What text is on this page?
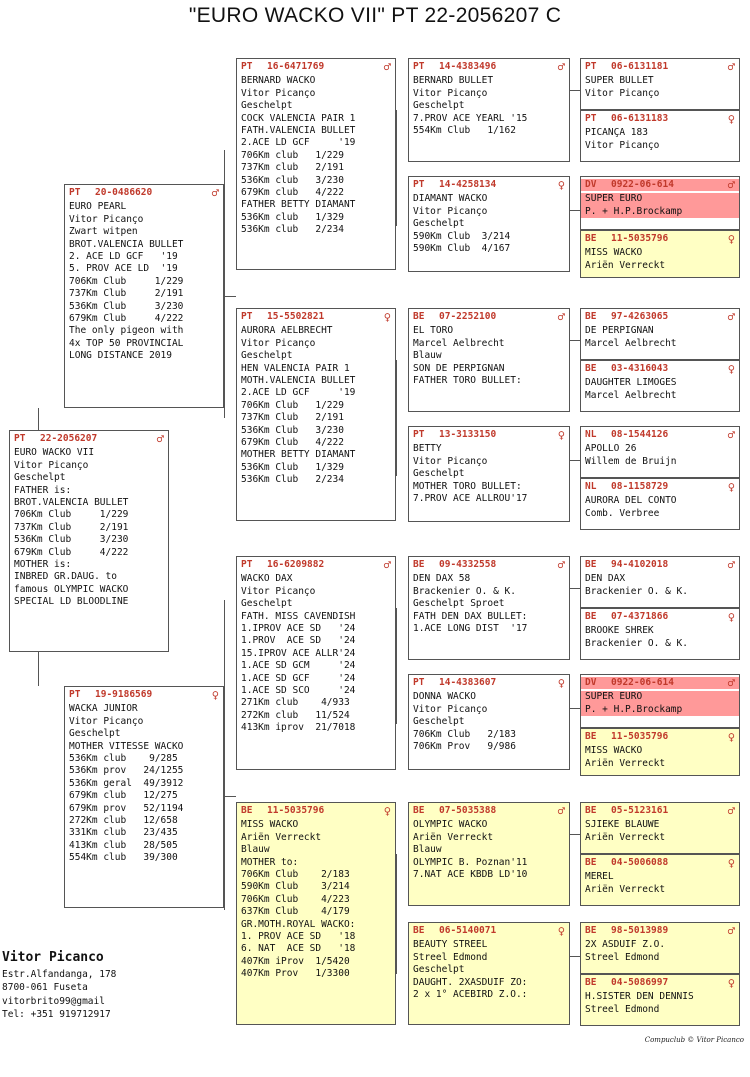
"EURO WACKO VII" PT 22-2056207 C
PT	22-2056207	♂
EURO WACKO VII
Vitor Picanço
Geschelpt
FATHER is:
BROT.VALENCIA BULLET
706Km Club     1/229
737Km Club     2/191
536Km Club     3/230
679Km Club     4/222
MOTHER is:
INBRED GR.DAUG. to
famous OLYMPIC WACKO
SPECIAL LD BLOODLINE
PT	20-0486620	♂
EURO PEARL
Vitor Picanço
Zwart witpen
BROT.VALENCIA BULLET
2. ACE LD GCF   '19
5. PROV ACE LD  '19
706Km Club     1/229
737Km Club     2/191
536Km Club     3/230
679Km Club     4/222
The only pigeon with
4x TOP 50 PROVINCIAL
LONG DISTANCE 2019
PT	19-9186569	♀
WACKA JUNIOR
Vitor Picanço
Geschelpt
MOTHER VITESSE WACKO
536Km club    9/285
536Km prov   24/1255
536Km geral  49/3912
679Km club   12/275
679Km prov   52/1194
272Km club   12/658
331Km club   23/435
413Km club   28/505
554Km club   39/300
PT	16-6471769	♂
BERNARD WACKO
Vitor Picanço
Geschelpt
COCK VALENCIA PAIR 1
FATH.VALENCIA BULLET
2.ACE LD GCF     '19
706Km club   1/229
737Km club   2/191
536Km club   3/230
679Km club   4/222
FATHER BETTY DIAMANT
536Km club   1/329
536Km club   2/234
PT	15-5502821	♀
AURORA AELBRECHT
Vitor Picanço
Geschelpt
HEN VALENCIA PAIR 1
MOTH.VALENCIA BULLET
2.ACE LD GCF     '19
706Km Club   1/229
737Km Club   2/191
536Km Club   3/230
679Km Club   4/222
MOTHER BETTY DIAMANT
536Km Club   1/329
536Km Club   2/234
PT	16-6209882	♂
WACKO DAX
Vitor Picanço
Geschelpt
FATH. MISS CAVENDISH
1.IPROV ACE SD   '24
1.PROV  ACE SD   '24
15.IPROV ACE ALLR'24
1.ACE SD GCM     '24
1.ACE SD GCF     '24
1.ACE SD SCO     '24
271Km club    4/933
272Km club   11/524
413Km iprov  21/7018
BE	11-5035796	♀
MISS WACKO
Ariën Verreckt
Blauw
MOTHER to:
706Km Club    2/183
590Km Club    3/214
706Km Club    4/223
637Km Club    4/179
GR.MOTH.ROYAL WACKO:
1. PROV ACE SD   '18
6. NAT  ACE SD   '18
407Km iProv  1/5420
407Km Prov   1/3300
PT	14-4383496	♂
BERNARD BULLET
Vitor Picanço
Geschelpt
7.PROV ACE YEARL '15
554Km Club   1/162
PT	14-4258134	♀
DIAMANT WACKO
Vitor Picanço
Geschelpt
590Km Club  3/214
590Km Club  4/167
BE	07-2252100	♂
EL TORO
Marcel Aelbrecht
Blauw
SON DE PERPIGNAN
FATHER TORO BULLET:
PT	13-3133150	♀
BETTY
Vitor Picanço
Geschelpt
MOTHER TORO BULLET:
7.PROV ACE ALLROU'17
BE	09-4332558	♂
DEN DAX 58
Brackenier O. & K.
Geschelpt Sproet
FATH DEN DAX BULLET:
1.ACE LONG DIST  '17
PT	14-4383607	♀
DONNA WACKO
Vitor Picanço
Geschelpt
706Km Club   2/183
706Km Prov   9/986
BE	07-5035388	♂
OLYMPIC WACKO
Ariën Verreckt
Blauw
OLYMPIC B. Poznan'11
7.NAT ACE KBDB LD'10
BE	06-5140071	♀
BEAUTY STREEL
Streel Edmond
Geschelpt
DAUGHT. 2XASDUIF ZO:
2 x 1° ACEBIRD Z.O.:
PT	06-6131181	♂
SUPER BULLET
Vitor Picanço
PT	06-6131183	♀
PICANÇA 183
Vitor Picanço
DV	0922-06-614	♂
SUPER EURO
P. + H.P.Brockamp
BE	11-5035796	♀
MISS WACKO
Ariën Verreckt
BE	97-4263065	♂
DE PERPIGNAN
Marcel Aelbrecht
BE	03-4316043	♀
DAUGHTER LIMOGES
Marcel Aelbrecht
NL	08-1544126	♂
APOLLO 26
Willem de Bruijn
NL	08-1158729	♀
AURORA DEL CONTO
Comb. Verbree
BE	94-4102018	♂
DEN DAX
Brackenier O. & K.
BE	07-4371866	♀
BROOKE SHREK
Brackenier O. & K.
DV	0922-06-614	♂
SUPER EURO
P. + H.P.Brockamp
BE	11-5035796	♀
MISS WACKO
Ariën Verreckt
BE	05-5123161	♂
SJIEKE BLAUWE
Ariën Verreckt
BE	04-5006088	♀
MEREL
Ariën Verreckt
BE	98-5013989	♂
2X ASDUIF Z.O.
Streel Edmond
BE	04-5086997	♀
H.SISTER DEN DENNIS
Streel Edmond
Vitor Picanco
Estr.Alfandanga, 178
8700-061 Fuseta
vitorbrito99@gmail
Tel: +351 919712917
Compuclub © Vitor Picanco
